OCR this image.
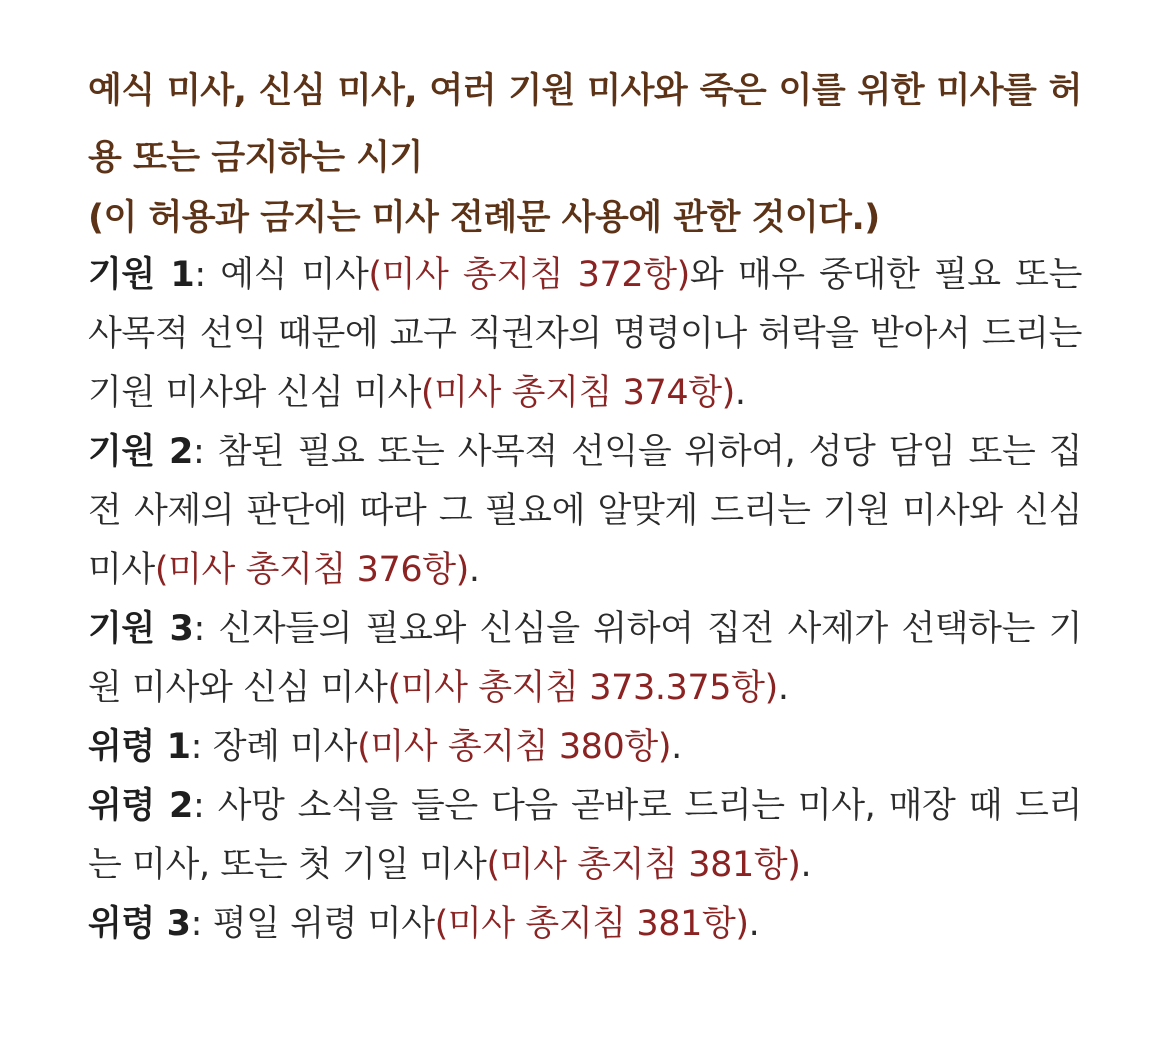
예식 미사, 신심 미사, 여러 기원 미사와 죽은 이를 위한 미사를 허용 또는 금지하는 시기

(이 허용과 금지는 미사 전례문 사용에 관한 것이다.)

기원 1: 예식 미사(미사 총지침 372항)와 매우 중대한 필요 또는 사목적 선익 때문에 교구 직권자의 명령이나 허락을 받아서 드리는 기원 미사와 신심 미사(미사 총지침 374항).

기원 2: 참된 필요 또는 사목적 선익을 위하여, 성당 담임 또는 집전 사제의 판단에 따라 그 필요에 알맞게 드리는 기원 미사와 신심 미사(미사 총지침 376항).

기원 3: 신자들의 필요와 신심을 위하여 집전 사제가 선택하는 기원 미사와 신심 미사(미사 총지침 373.375항).

위령 1: 장례 미사(미사 총지침 380항).

위령 2: 사망 소식을 들은 다음 곧바로 드리는 미사, 매장 때 드리는 미사, 또는 첫 기일 미사(미사 총지침 381항).

위령 3: 평일 위령 미사(미사 총지침 381항).
